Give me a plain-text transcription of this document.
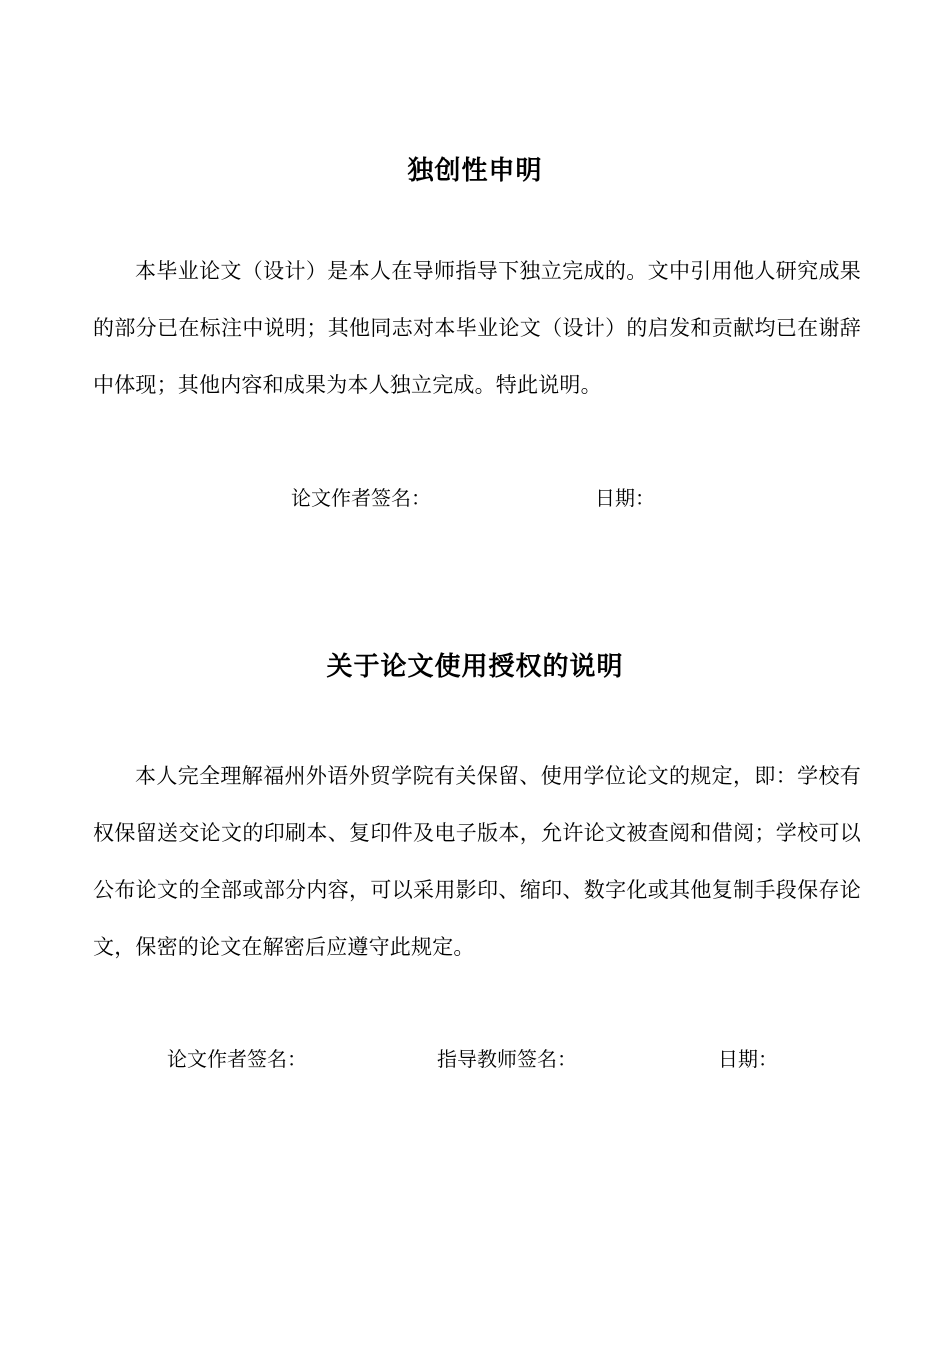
独创性申明

本毕业论文（设计）是本人在导师指导下独立完成的。文中引用他人研究成果的部分已在标注中说明；其他同志对本毕业论文（设计）的启发和贡献均已在谢辞中体现；其他内容和成果为本人独立完成。特此说明。

论文作者签名：	日期：
关于论文使用授权的说明

本人完全理解福州外语外贸学院有关保留、使用学位论文的规定，即：学校有权保留送交论文的印刷本、复印件及电子版本，允许论文被查阅和借阅；学校可以公布论文的全部或部分内容，可以采用影印、缩印、数字化或其他复制手段保存论文，保密的论文在解密后应遵守此规定。

论文作者签名：	指导教师签名：	日期：
